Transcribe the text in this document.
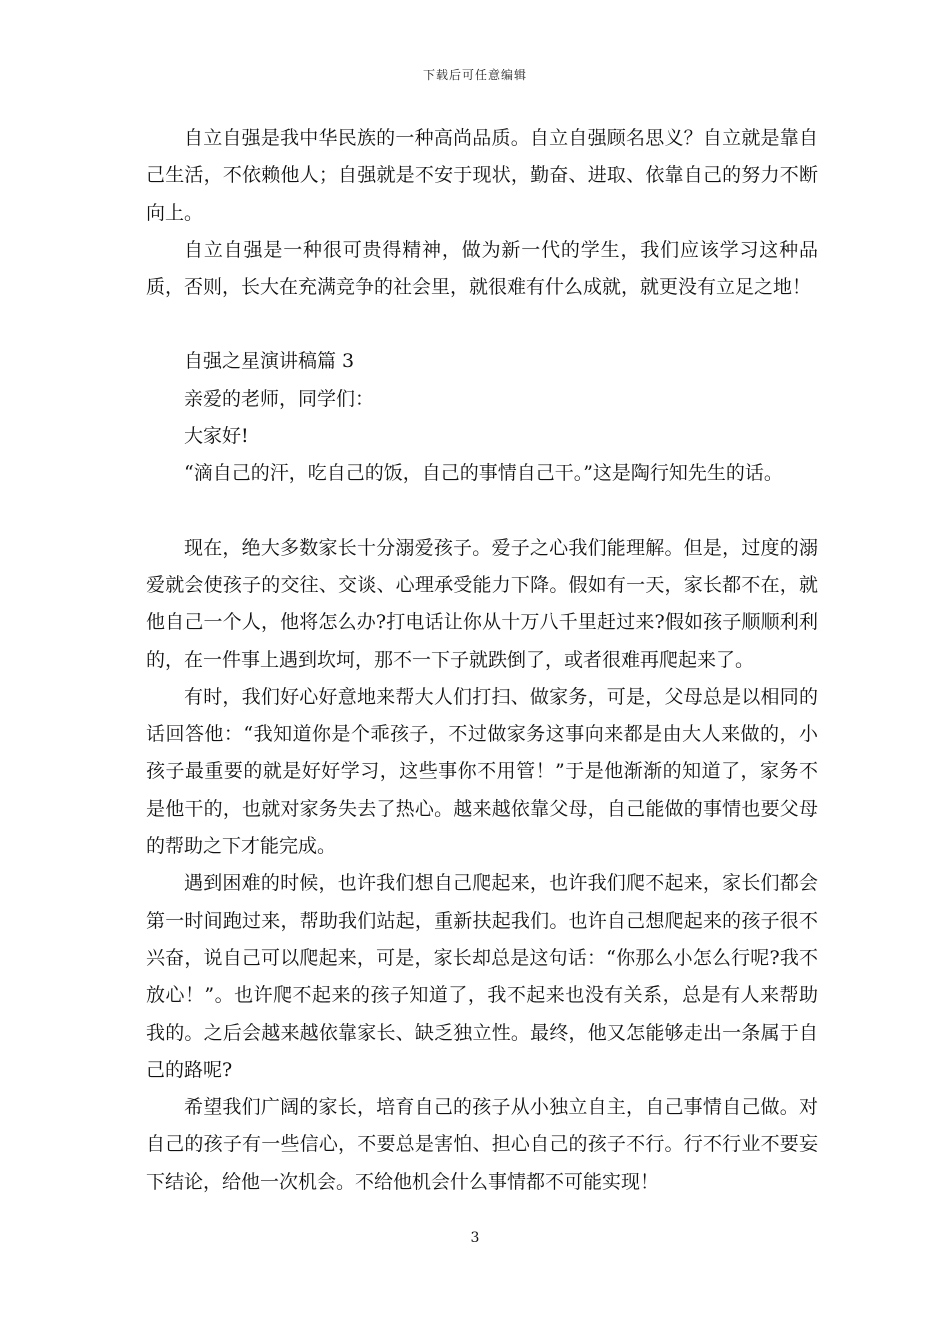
下载后可任意编辑

自立自强是我中华民族的一种高尚品质。自立自强顾名思义？自立就是靠自己生活，不依赖他人；自强就是不安于现状，勤奋、进取、依靠自己的努力不断向上。

自立自强是一种很可贵得精神，做为新一代的学生，我们应该学习这种品质，否则，长大在充满竞争的社会里，就很难有什么成就，就更没有立足之地！

自强之星演讲稿篇 3

亲爱的老师，同学们：

大家好!

“滴自己的汗，吃自己的饭，自己的事情自己干。”这是陶行知先生的话。

现在，绝大多数家长十分溺爱孩子。爱子之心我们能理解。但是，过度的溺爱就会使孩子的交往、交谈、心理承受能力下降。假如有一天，家长都不在，就他自己一个人，他将怎么办?打电话让你从十万八千里赶过来?假如孩子顺顺利利的，在一件事上遇到坎坷，那不一下子就跌倒了，或者很难再爬起来了。

有时，我们好心好意地来帮大人们打扫、做家务，可是，父母总是以相同的话回答他：“我知道你是个乖孩子，不过做家务这事向来都是由大人来做的，小孩子最重要的就是好好学习，这些事你不用管！”于是他渐渐的知道了，家务不是他干的，也就对家务失去了热心。越来越依靠父母，自己能做的事情也要父母的帮助之下才能完成。

遇到困难的时候，也许我们想自己爬起来，也许我们爬不起来，家长们都会第一时间跑过来，帮助我们站起，重新扶起我们。也许自己想爬起来的孩子很不兴奋，说自己可以爬起来，可是，家长却总是这句话：“你那么小怎么行呢?我不放心！”。也许爬不起来的孩子知道了，我不起来也没有关系，总是有人来帮助我的。之后会越来越依靠家长、缺乏独立性。最终，他又怎能够走出一条属于自己的路呢?

希望我们广阔的家长，培育自己的孩子从小独立自主，自己事情自己做。对自己的孩子有一些信心，不要总是害怕、担心自己的孩子不行。行不行业不要妄下结论，给他一次机会。不给他机会什么事情都不可能实现！

3
